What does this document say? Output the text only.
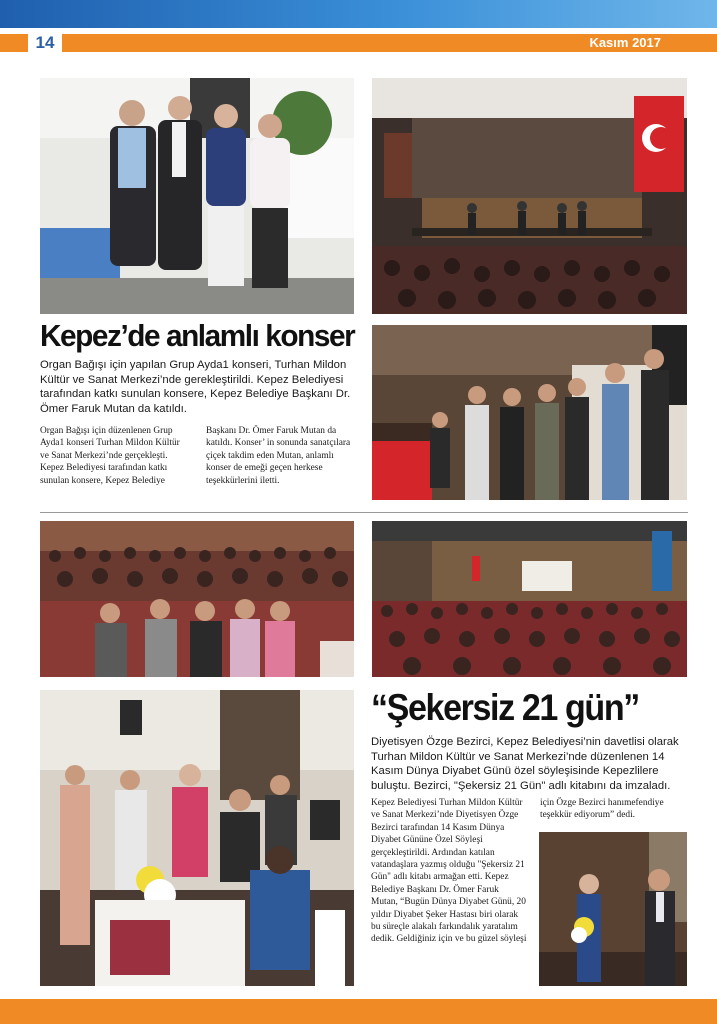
14	Kasım 2017
Kepez’de anlamlı konser
Organ Bağışı için yapılan Grup Ayda1 konseri, Turhan Mildon Kültür ve Sanat Merkezi’nde gerekleştirildi. Kepez Belediyesi tarafından katkı sunulan konsere, Kepez Belediye Başkanı Dr. Ömer Faruk Mutan da katıldı.
Organ Bağışı için düzenlenen Grup Ayda1 konseri Turhan Mildon Kültür ve Sanat Merkezi’nde gerçekleşti. Kepez Belediyesi tarafından katkı sunulan konsere, Kepez Belediye
Başkanı Dr. Ömer Faruk Mutan da katıldı. Konser’ in sonunda sanatçılara çiçek takdim eden Mutan, anlamlı konser de emeği geçen herkese teşekkürlerini iletti.
“Şekersiz 21 gün”
Diyetisyen Özge Bezirci, Kepez Belediyesi’nin davetlisi olarak Turhan Mildon Kültür ve Sanat Merkezi’nde düzenlenen 14 Kasım Dünya Diyabet Günü özel söyleşisinde Kepezlilere buluştu. Bezirci, "Şekersiz 21 Gün" adlı kitabını da imzaladı.
Kepez Belediyesi Turhan Mildon Kültür ve Sanat Merkezi’nde Diyetisyen Özge Bezirci tarafından 14 Kasım Dünya Diyabet Gününe Özel Söyleşi gerçekleştirildi. Ardından katılan vatandaşlara yazmış olduğu "Şekersiz 21 Gün" adlı kitabı armağan etti. Kepez Belediye Başkanı Dr. Ömer Faruk Mutan, “Bugün Dünya Diyabet Günü, 20 yıldır Diyabet Şeker Hastası biri olarak bu süreçle alakalı farkındalık yaratalım dedik. Geldiğiniz için ve bu güzel söyleşi
için Özge Bezirci hanımefendiye teşekkür ediyorum” dedi.
